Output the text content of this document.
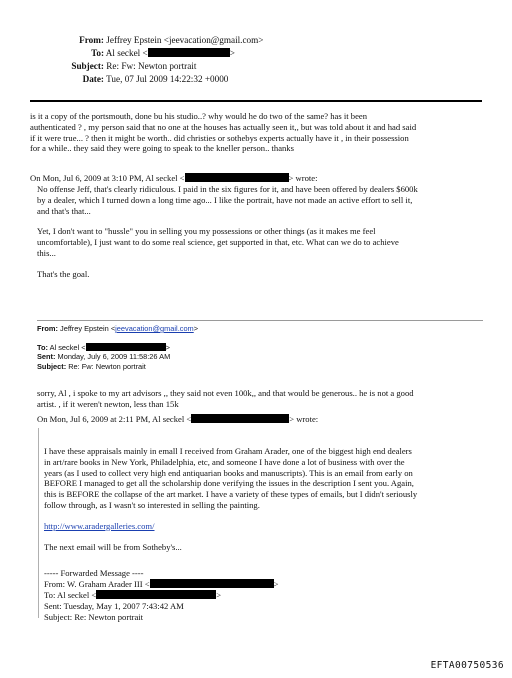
From: Jeffrey Epstein <jeevacation@gmail.com>
To: Al seckel <	>
Subject: Re: Fw: Newton portrait
Date: Tue, 07 Jul 2009 14:22:32 +0000
is it a copy of the portsmouth, done bu his studio..? why would he do two of the same? has it been
authenticated ? , my person said that no one at the houses has actually seen it,, but was told about it and had said
if it were true... ? then it might be worth.. did christies or sothebys experts actually have it , in their possession
for a while.. they said they were going to speak to the kneller person.. thanks
On Mon, Jul 6, 2009 at 3:10 PM, Al seckel <	> wrote:
No offense Jeff, that's clearly ridiculous. I paid in the six figures for it, and have been offered by dealers $600k
by a dealer, which I turned down a long time ago... I like the portrait, have not made an active effort to sell it,
and that's that...
Yet, I don't want to "hussle" you in selling you my possessions or other things (as it makes me feel
uncomfortable), I just want to do some real science, get supported in that, etc. What can we do to achieve
this...
That's the goal.
From: Jeffrey Epstein <jeevacation@gmail.com>
To: Al seckel <	>
Sent: Monday, July 6, 2009 11:58:26 AM
Subject: Re: Fw: Newton portrait
sorry, Al , i spoke to my art advisors ,, they said not even 100k,, and that would be generous.. he is not a good
artist. , if it weren't newton, less than 15k
On Mon, Jul 6, 2009 at 2:11 PM, Al seckel <	> wrote:
I have these appraisals mainly in emall I received from Graham Arader, one of the biggest high end dealers
in art/rare books in New York, Philadelphia, etc, and someone I have done a lot of business with over the
years (as I used to collect very high end antiquarian books and manuscripts). This is an email from early on
BEFORE I managed to get all the scholarship done verifying the issues in the description I sent you. Again,
this is BEFORE the collapse of the art market. I have a variety of these types of emails, but I didn't seriously
follow through, as I wasn't so interested in selling the painting.
http://www.aradergalleries.com/
The next email will be from Sotheby's...
----- Forwarded Message ----
From: W. Graham Arader III <	>
To: Al seckel <	>
Sent: Tuesday, May 1, 2007 7:43:42 AM
Subject: Re: Newton portrait
EFTA00750536
